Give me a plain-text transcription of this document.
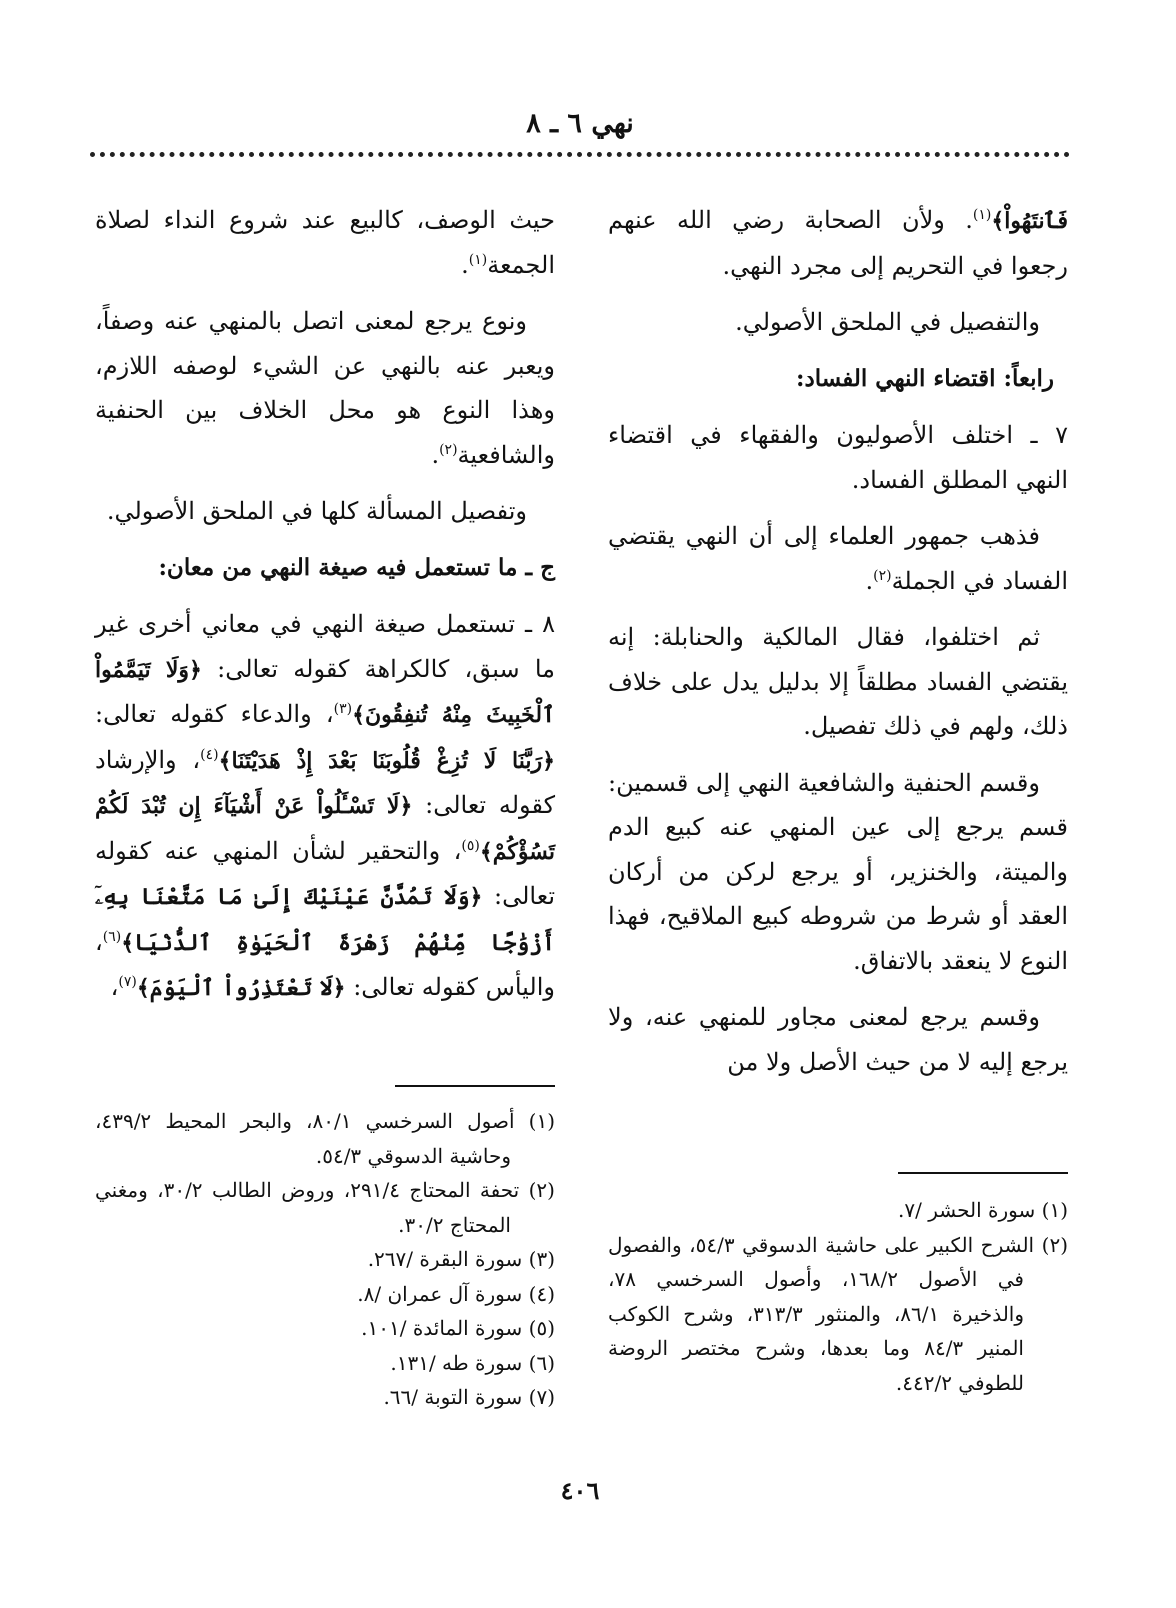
نهي ٦ ـ ٨

فَٱنتَهُواْ﴾$^{(١)}$. ولأن الصحابة رضي الله عنهم رجعوا في التحريم إلى مجرد النهي.

والتفصيل في الملحق الأصولي.

رابعاً: اقتضاء النهي الفساد:

٧ ـ اختلف الأصوليون والفقهاء في اقتضاء النهي المطلق الفساد.

فذهب جمهور العلماء إلى أن النهي يقتضي الفساد في الجملة$^{(٢)}$.

ثم اختلفوا، فقال المالكية والحنابلة: إنه يقتضي الفساد مطلقاً إلا بدليل يدل على خلاف ذلك، ولهم في ذلك تفصيل.

وقسم الحنفية والشافعية النهي إلى قسمين: قسم يرجع إلى عين المنهي عنه كبيع الدم والميتة، والخنزير، أو يرجع لركن من أركان العقد أو شرط من شروطه كبيع الملاقيح، فهذا النوع لا ينعقد بالاتفاق.

وقسم يرجع لمعنى مجاور للمنهي عنه، ولا يرجع إليه لا من حيث الأصل ولا من

حيث الوصف، كالبيع عند شروع النداء لصلاة الجمعة$^{(١)}$.

ونوع يرجع لمعنى اتصل بالمنهي عنه وصفاً، ويعبر عنه بالنهي عن الشيء لوصفه اللازم، وهذا النوع هو محل الخلاف بين الحنفية والشافعية$^{(٢)}$.

وتفصيل المسألة كلها في الملحق الأصولي.

ج ـ ما تستعمل فيه صيغة النهي من معان:

٨ ـ تستعمل صيغة النهي في معاني أخرى غير ما سبق، كالكراهة كقوله تعالى: ﴿وَلَا تَيَمَّمُواْ ٱلْخَبِيثَ مِنْهُ تُنفِقُونَ﴾$^{(٣)}$، والدعاء كقوله تعالى: ﴿رَبَّنَا لَا تُزِغْ قُلُوبَنَا بَعْدَ إِذْ هَدَيْتَنَا﴾$^{(٤)}$، والإرشاد كقوله تعالى: ﴿لَا تَسْـَٔلُواْ عَنْ أَشْيَآءَ إِن تُبْدَ لَكُمْ تَسُؤْكُمْ﴾$^{(٥)}$، والتحقير لشأن المنهي عنه كقوله تعالى: ﴿وَلَا تَمُدَّنَّ عَيْنَيْكَ إِلَىٰ مَا مَتَّعْنَا بِهِۦٓ أَزْوَٰجًا مِّنْهُمْ زَهْرَةَ ٱلْحَيَوٰةِ ٱلدُّنْيَا﴾$^{(٦)}$، واليأس كقوله تعالى: ﴿لَا تَعْتَذِرُواْ ٱلْيَوْمَ﴾$^{(٧)}$،

(١) سورة الحشر /٧.

(٢) الشرح الكبير على حاشية الدسوقي ٥٤/٣، والفصول في الأصول ١٦٨/٢، وأصول السرخسي ٧٨، والذخيرة ٨٦/١، والمنثور ٣١٣/٣، وشرح الكوكب المنير ٨٤/٣ وما بعدها، وشرح مختصر الروضة للطوفي ٤٤٢/٢.

(١) أصول السرخسي ٨٠/١، والبحر المحيط ٤٣٩/٢، وحاشية الدسوقي ٥٤/٣.

(٢) تحفة المحتاج ٢٩١/٤، وروض الطالب ٣٠/٢، ومغني المحتاج ٣٠/٢.

(٣) سورة البقرة /٢٦٧.

(٤) سورة آل عمران /٨.

(٥) سورة المائدة /١٠١.

(٦) سورة طه /١٣١.

(٧) سورة التوبة /٦٦.

٤٠٦
